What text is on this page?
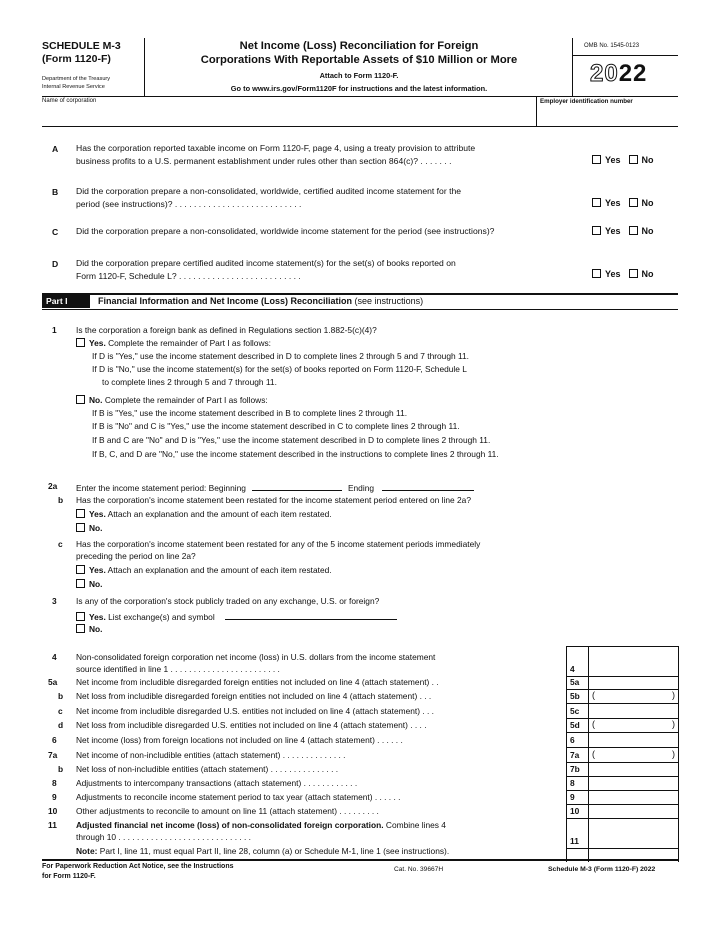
SCHEDULE M-3
(Form 1120-F)
Department of the Treasury
Internal Revenue Service
Net Income (Loss) Reconciliation for Foreign
Corporations With Reportable Assets of $10 Million or More
Attach to Form 1120-F.
Go to www.irs.gov/Form1120F for instructions and the latest information.
OMB No. 1545-0123
2022
Name of corporation	Employer identification number
A Has the corporation reported taxable income on Form 1120-F, page 4, using a treaty provision to attribute
business profits to a U.S. permanent establishment under rules other than section 864(c)? . . . . . . .	Yes No
B Did the corporation prepare a non-consolidated, worldwide, certified audited income statement for the
period (see instructions)? . . . . . . . . . . . . . . . . . . . . . . . . . . .	Yes No
C Did the corporation prepare a non-consolidated, worldwide income statement for the period (see instructions)?	Yes No
D Did the corporation prepare certified audited income statement(s) for the set(s) of books reported on
Form 1120-F, Schedule L? . . . . . . . . . . . . . . . . . . . . . . . . . .	Yes No
Part I	Financial Information and Net Income (Loss) Reconciliation (see instructions)
1 Is the corporation a foreign bank as defined in Regulations section 1.882-5(c)(4)?
Yes. Complete the remainder of Part I as follows:
If D is "Yes," use the income statement described in D to complete lines 2 through 5 and 7 through 11.
If D is "No," use the income statement(s) for the set(s) of books reported on Form 1120-F, Schedule L
to complete lines 2 through 5 and 7 through 11.
No. Complete the remainder of Part I as follows:
If B is "Yes," use the income statement described in B to complete lines 2 through 11.
If B is "No" and C is "Yes," use the income statement described in C to complete lines 2 through 11.
If B and C are "No" and D is "Yes," use the income statement described in D to complete lines 2 through 11.
If B, C, and D are "No," use the income statement described in the instructions to complete lines 2 through 11.
2a Enter the income statement period: Beginning	Ending
b Has the corporation's income statement been restated for the income statement period entered on line 2a?
Yes. Attach an explanation and the amount of each item restated.
No.
c Has the corporation's income statement been restated for any of the 5 income statement periods immediately
preceding the period on line 2a?
Yes. Attach an explanation and the amount of each item restated.
No.
3 Is any of the corporation's stock publicly traded on any exchange, U.S. or foreign?
Yes. List exchange(s) and symbol
No.
4 Non-consolidated foreign corporation net income (loss) in U.S. dollars from the income statement
source identified in line 1 . . . . . . . . . . . . . . . . . . . . . . . .	4
5a Net income from includible disregarded foreign entities not included on line 4 (attach statement) . .	5a
b Net loss from includible disregarded foreign entities not included on line 4 (attach statement) . . .	5b (	)
c Net income from includible disregarded U.S. entities not included on line 4 (attach statement) . . .	5c
d Net loss from includible disregarded U.S. entities not included on line 4 (attach statement) . . . .	5d (	)
6 Net income (loss) from foreign locations not included on line 4 (attach statement) . . . . . .	6
7a Net income of non-includible entities (attach statement) . . . . . . . . . . . . . .	7a (	)
b Net loss of non-includible entities (attach statement) . . . . . . . . . . . . . . .	7b
8 Adjustments to intercompany transactions (attach statement) . . . . . . . . . . . .	8
9 Adjustments to reconcile income statement period to tax year (attach statement) . . . . . .	9
10 Other adjustments to reconcile to amount on line 11 (attach statement) . . . . . . . . .	10
11 Adjusted financial net income (loss) of non-consolidated foreign corporation. Combine lines 4
through 10 . . . . . . . . . . . . . . . . . . . . . . . . . . . . .	11
Note: Part I, line 11, must equal Part II, line 28, column (a) or Schedule M-1, line 1 (see instructions).
For Paperwork Reduction Act Notice, see the Instructions
for Form 1120-F.
Cat. No. 39667H	Schedule M-3 (Form 1120-F) 2022
